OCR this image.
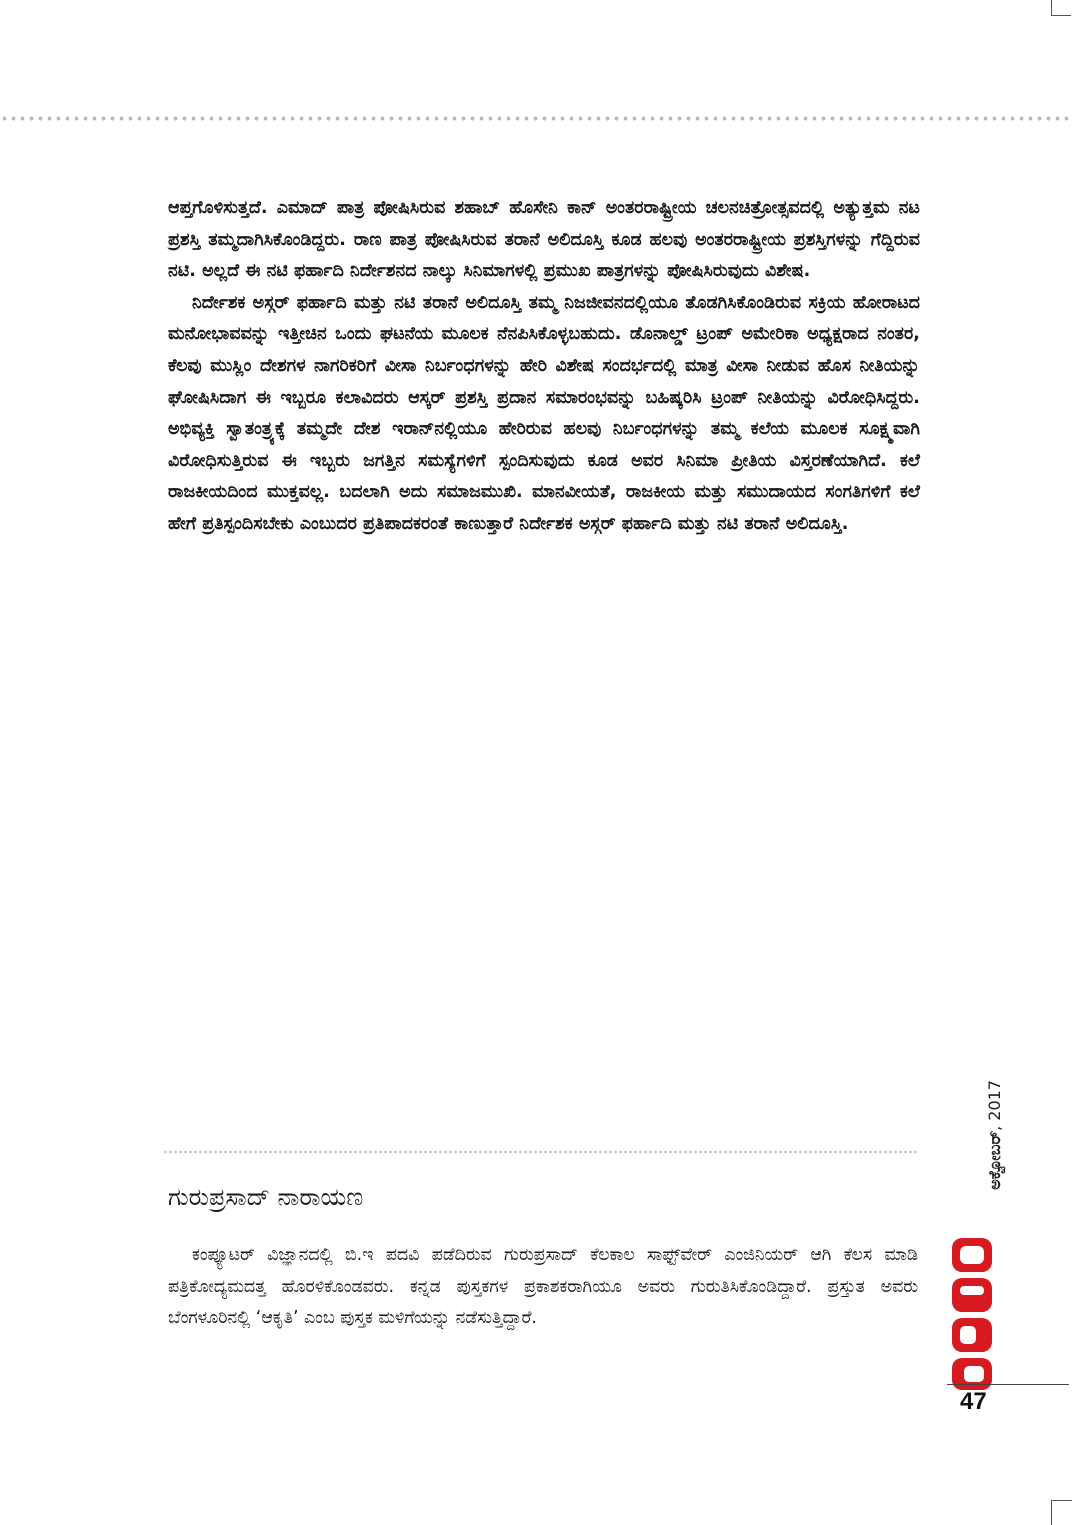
ಆಪ್ತಗೊಳಿಸುತ್ತದೆ. ಎಮಾದ್ ಪಾತ್ರ ಪೋಷಿಸಿರುವ ಶಹಾಬ್ ಹೊಸೇನಿ ಕಾನ್ ಅಂತರರಾಷ್ಟ್ರೀಯ ಚಲನಚಿತ್ರೋತ್ಸವದಲ್ಲಿ ಅತ್ಯುತ್ತಮ ನಟ ಪ್ರಶಸ್ತಿ ತಮ್ಮದಾಗಿಸಿಕೊಂಡಿದ್ದರು. ರಾಣ ಪಾತ್ರ ಪೋಷಿಸಿರುವ ತರಾನೆ ಅಲಿದೂಸ್ತಿ ಕೂಡ ಹಲವು ಅಂತರರಾಷ್ಟ್ರೀಯ ಪ್ರಶಸ್ತಿಗಳನ್ನು ಗೆದ್ದಿರುವ ನಟಿ. ಅಲ್ಲದೆ ಈ ನಟಿ ಫರ್ಹಾದಿ ನಿರ್ದೇಶನದ ನಾಲ್ಕು ಸಿನಿಮಾಗಳಲ್ಲಿ ಪ್ರಮುಖ ಪಾತ್ರಗಳನ್ನು ಪೋಷಿಸಿರುವುದು ವಿಶೇಷ.

ನಿರ್ದೇಶಕ ಅಸ್ಗರ್ ಫರ್ಹಾದಿ ಮತ್ತು ನಟಿ ತರಾನೆ ಅಲಿದೂಸ್ತಿ ತಮ್ಮ ನಿಜಜೀವನದಲ್ಲಿಯೂ ತೊಡಗಿಸಿಕೊಂಡಿರುವ ಸಕ್ರಿಯ ಹೋರಾಟದ ಮನೋಭಾವವನ್ನು ಇತ್ತೀಚಿನ ಒಂದು ಘಟನೆಯ ಮೂಲಕ ನೆನಪಿಸಿಕೊಳ್ಳಬಹುದು. ಡೊನಾಲ್ಡ್ ಟ್ರಂಪ್ ಅಮೇರಿಕಾ ಅಧ್ಯಕ್ಷರಾದ ನಂತರ, ಕೆಲವು ಮುಸ್ಲಿಂ ದೇಶಗಳ ನಾಗರಿಕರಿಗೆ ವೀಸಾ ನಿರ್ಬಂಧಗಳನ್ನು ಹೇರಿ ವಿಶೇಷ ಸಂದರ್ಭದಲ್ಲಿ ಮಾತ್ರ ವೀಸಾ ನೀಡುವ ಹೊಸ ನೀತಿಯನ್ನು ಘೋಷಿಸಿದಾಗ ಈ ಇಬ್ಬರೂ ಕಲಾವಿದರು ಆಸ್ಕರ್ ಪ್ರಶಸ್ತಿ ಪ್ರದಾನ ಸಮಾರಂಭವನ್ನು ಬಹಿಷ್ಕರಿಸಿ ಟ್ರಂಪ್ ನೀತಿಯನ್ನು ವಿರೋಧಿಸಿದ್ದರು. ಅಭಿವ್ಯಕ್ತಿ ಸ್ವಾತಂತ್ರ್ಯಕ್ಕೆ ತಮ್ಮದೇ ದೇಶ ಇರಾನ್‌ನಲ್ಲಿಯೂ ಹೇರಿರುವ ಹಲವು ನಿರ್ಬಂಧಗಳನ್ನು ತಮ್ಮ ಕಲೆಯ ಮೂಲಕ ಸೂಕ್ಷ್ಮವಾಗಿ ವಿರೋಧಿಸುತ್ತಿರುವ ಈ ಇಬ್ಬರು ಜಗತ್ತಿನ ಸಮಸ್ಯೆಗಳಿಗೆ ಸ್ಪಂದಿಸುವುದು ಕೂಡ ಅವರ ಸಿನಿಮಾ ಪ್ರೀತಿಯ ವಿಸ್ತರಣೆಯಾಗಿದೆ. ಕಲೆ ರಾಜಕೀಯದಿಂದ ಮುಕ್ತವಲ್ಲ. ಬದಲಾಗಿ ಅದು ಸಮಾಜಮುಖಿ. ಮಾನವೀಯತೆ, ರಾಜಕೀಯ ಮತ್ತು ಸಮುದಾಯದ ಸಂಗತಿಗಳಿಗೆ ಕಲೆ ಹೇಗೆ ಪ್ರತಿಸ್ಪಂದಿಸಬೇಕು ಎಂಬುದರ ಪ್ರತಿಪಾದಕರಂತೆ ಕಾಣುತ್ತಾರೆ ನಿರ್ದೇಶಕ ಅಸ್ಗರ್ ಫರ್ಹಾದಿ ಮತ್ತು ನಟಿ ತರಾನೆ ಅಲಿದೂಸ್ತಿ.

ಗುರುಪ್ರಸಾದ್ ನಾರಾಯಣ

ಕಂಪ್ಯೂಟರ್ ವಿಜ್ಞಾನದಲ್ಲಿ ಬಿ.ಇ ಪದವಿ ಪಡೆದಿರುವ ಗುರುಪ್ರಸಾದ್ ಕೆಲಕಾಲ ಸಾಫ್ಟ್‌ವೇರ್ ಎಂಜಿನಿಯರ್ ಆಗಿ ಕೆಲಸ ಮಾಡಿ ಪತ್ರಿಕೋದ್ಯಮದತ್ತ ಹೊರಳಿಕೊಂಡವರು. ಕನ್ನಡ ಪುಸ್ತಕಗಳ ಪ್ರಕಾಶಕರಾಗಿಯೂ ಅವರು ಗುರುತಿಸಿಕೊಂಡಿದ್ದಾರೆ. ಪ್ರಸ್ತುತ ಅವರು ಬೆಂಗಳೂರಿನಲ್ಲಿ ‘ಆಕೃತಿ’ ಎಂಬ ಪುಸ್ತಕ ಮಳಿಗೆಯನ್ನು ನಡೆಸುತ್ತಿದ್ದಾರೆ.

ಅಕ್ಟೋಬರ್, 2017

47
